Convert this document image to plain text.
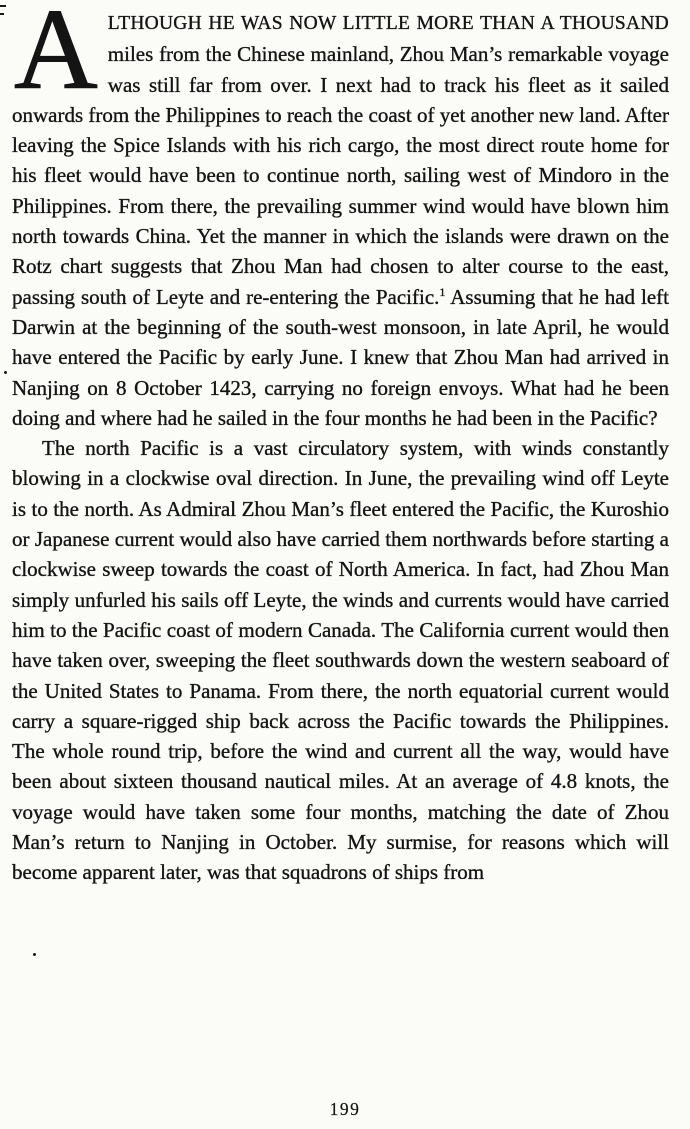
A LTHOUGH HE WAS NOW LITTLE MORE THAN A THOUSAND miles from the Chinese mainland, Zhou Man’s remarkable voyage was still far from over. I next had to track his fleet as it sailed onwards from the Philippines to reach the coast of yet another new land. After leaving the Spice Islands with his rich cargo, the most direct route home for his fleet would have been to continue north, sailing west of Mindoro in the Philippines. From there, the prevailing summer wind would have blown him north towards China. Yet the manner in which the islands were drawn on the Rotz chart suggests that Zhou Man had chosen to alter course to the east, passing south of Leyte and re-entering the Pacific.$^1$ Assuming that he had left Darwin at the beginning of the south-west monsoon, in late April, he would have entered the Pacific by early June. I knew that Zhou Man had arrived in Nanjing on 8 October 1423, carrying no foreign envoys. What had he been doing and where had he sailed in the four months he had been in the Pacific?

The north Pacific is a vast circulatory system, with winds constantly blowing in a clockwise oval direction. In June, the prevailing wind off Leyte is to the north. As Admiral Zhou Man’s fleet entered the Pacific, the Kuroshio or Japanese current would also have carried them northwards before starting a clockwise sweep towards the coast of North America. In fact, had Zhou Man simply unfurled his sails off Leyte, the winds and currents would have carried him to the Pacific coast of modern Canada. The California current would then have taken over, sweeping the fleet southwards down the western seaboard of the United States to Panama. From there, the north equatorial current would carry a square-rigged ship back across the Pacific towards the Philippines. The whole round trip, before the wind and current all the way, would have been about sixteen thousand nautical miles. At an average of 4.8 knots, the voyage would have taken some four months, matching the date of Zhou Man’s return to Nanjing in October. My surmise, for reasons which will become apparent later, was that squadrons of ships from

199
